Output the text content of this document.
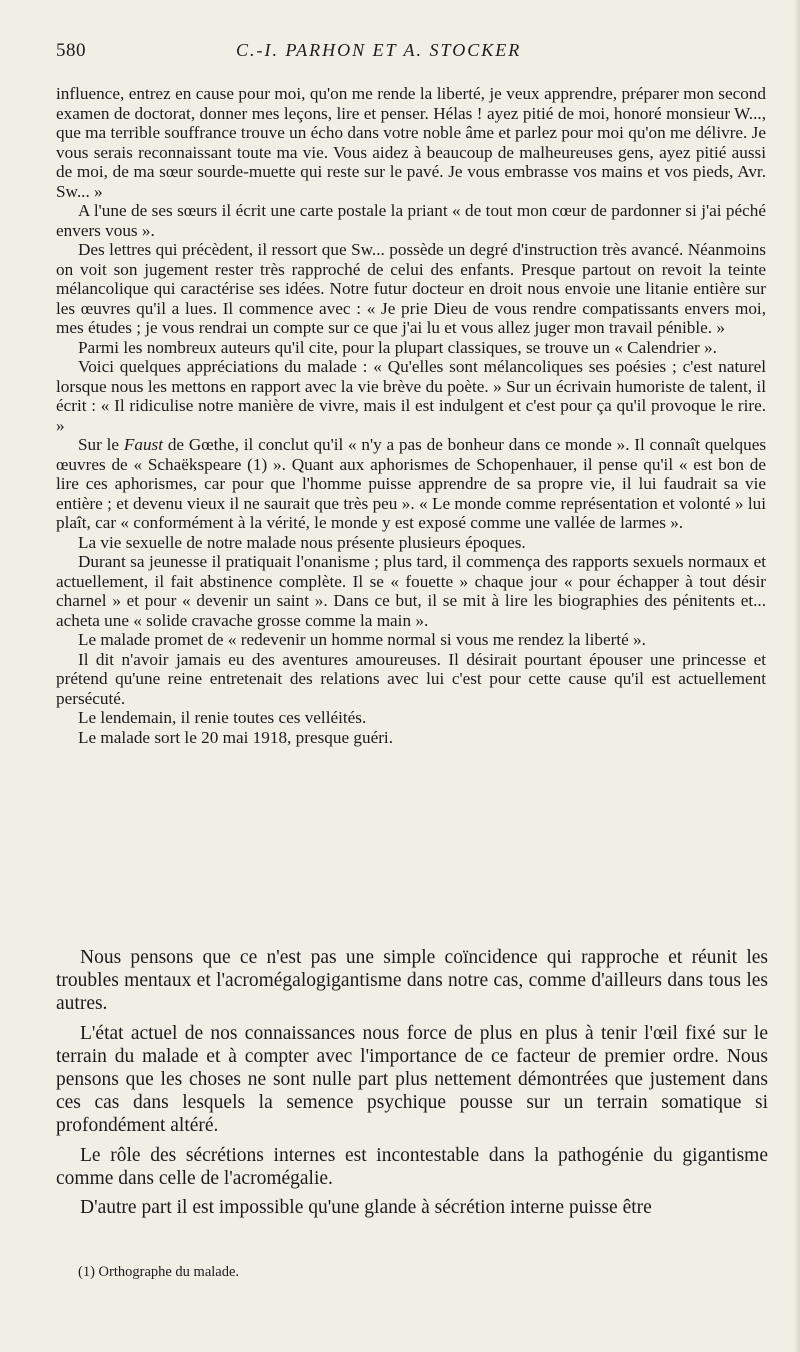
580	C.-I. PARHON ET A. STOCKER

influence, entrez en cause pour moi, qu'on me rende la liberté, je veux apprendre, préparer mon second examen de doctorat, donner mes leçons, lire et penser. Hélas ! ayez pitié de moi, honoré monsieur W..., que ma terrible souffrance trouve un écho dans votre noble âme et parlez pour moi qu'on me délivre. Je vous serais reconnaissant toute ma vie. Vous aidez à beaucoup de malheureuses gens, ayez pitié aussi de moi, de ma sœur sourde-muette qui reste sur le pavé. Je vous embrasse vos mains et vos pieds, Avr. Sw... »

A l'une de ses sœurs il écrit une carte postale la priant « de tout mon cœur de pardonner si j'ai péché envers vous ».

Des lettres qui précèdent, il ressort que Sw... possède un degré d'instruction très avancé. Néanmoins on voit son jugement rester très rapproché de celui des enfants. Presque partout on revoit la teinte mélancolique qui caractérise ses idées. Notre futur docteur en droit nous envoie une litanie entière sur les œuvres qu'il a lues. Il commence avec : « Je prie Dieu de vous rendre compatissants envers moi, mes études ; je vous rendrai un compte sur ce que j'ai lu et vous allez juger mon travail pénible. »

Parmi les nombreux auteurs qu'il cite, pour la plupart classiques, se trouve un « Calendrier ».

Voici quelques appréciations du malade : « Qu'elles sont mélancoliques ses poésies ; c'est naturel lorsque nous les mettons en rapport avec la vie brève du poète. » Sur un écrivain humoriste de talent, il écrit : « Il ridiculise notre manière de vivre, mais il est indulgent et c'est pour ça qu'il provoque le rire. »

Sur le Faust de Gœthe, il conclut qu'il « n'y a pas de bonheur dans ce monde ». Il connaît quelques œuvres de « Schaëkspeare (1) ». Quant aux aphorismes de Schopenhauer, il pense qu'il « est bon de lire ces aphorismes, car pour que l'homme puisse apprendre de sa propre vie, il lui faudrait sa vie entière ; et devenu vieux il ne saurait que très peu ». « Le monde comme représentation et volonté » lui plaît, car « conformément à la vérité, le monde y est exposé comme une vallée de larmes ».

La vie sexuelle de notre malade nous présente plusieurs époques.

Durant sa jeunesse il pratiquait l'onanisme ; plus tard, il commença des rapports sexuels normaux et actuellement, il fait abstinence complète. Il se « fouette » chaque jour « pour échapper à tout désir charnel » et pour « devenir un saint ». Dans ce but, il se mit à lire les biographies des pénitents et... acheta une « solide cravache grosse comme la main ».

Le malade promet de « redevenir un homme normal si vous me rendez la liberté ».

Il dit n'avoir jamais eu des aventures amoureuses. Il désirait pourtant épouser une princesse et prétend qu'une reine entretenait des relations avec lui c'est pour cette cause qu'il est actuellement persécuté.

Le lendemain, il renie toutes ces velléités.

Le malade sort le 20 mai 1918, presque guéri.

Nous pensons que ce n'est pas une simple coïncidence qui rapproche et réunit les troubles mentaux et l'acromégalogigantisme dans notre cas, comme d'ailleurs dans tous les autres.

L'état actuel de nos connaissances nous force de plus en plus à tenir l'œil fixé sur le terrain du malade et à compter avec l'importance de ce facteur de premier ordre. Nous pensons que les choses ne sont nulle part plus nettement démontrées que justement dans ces cas dans lesquels la semence psychique pousse sur un terrain somatique si profondément altéré.

Le rôle des sécrétions internes est incontestable dans la pathogénie du gigantisme comme dans celle de l'acromégalie.

D'autre part il est impossible qu'une glande à sécrétion interne puisse être

(1) Orthographe du malade.
